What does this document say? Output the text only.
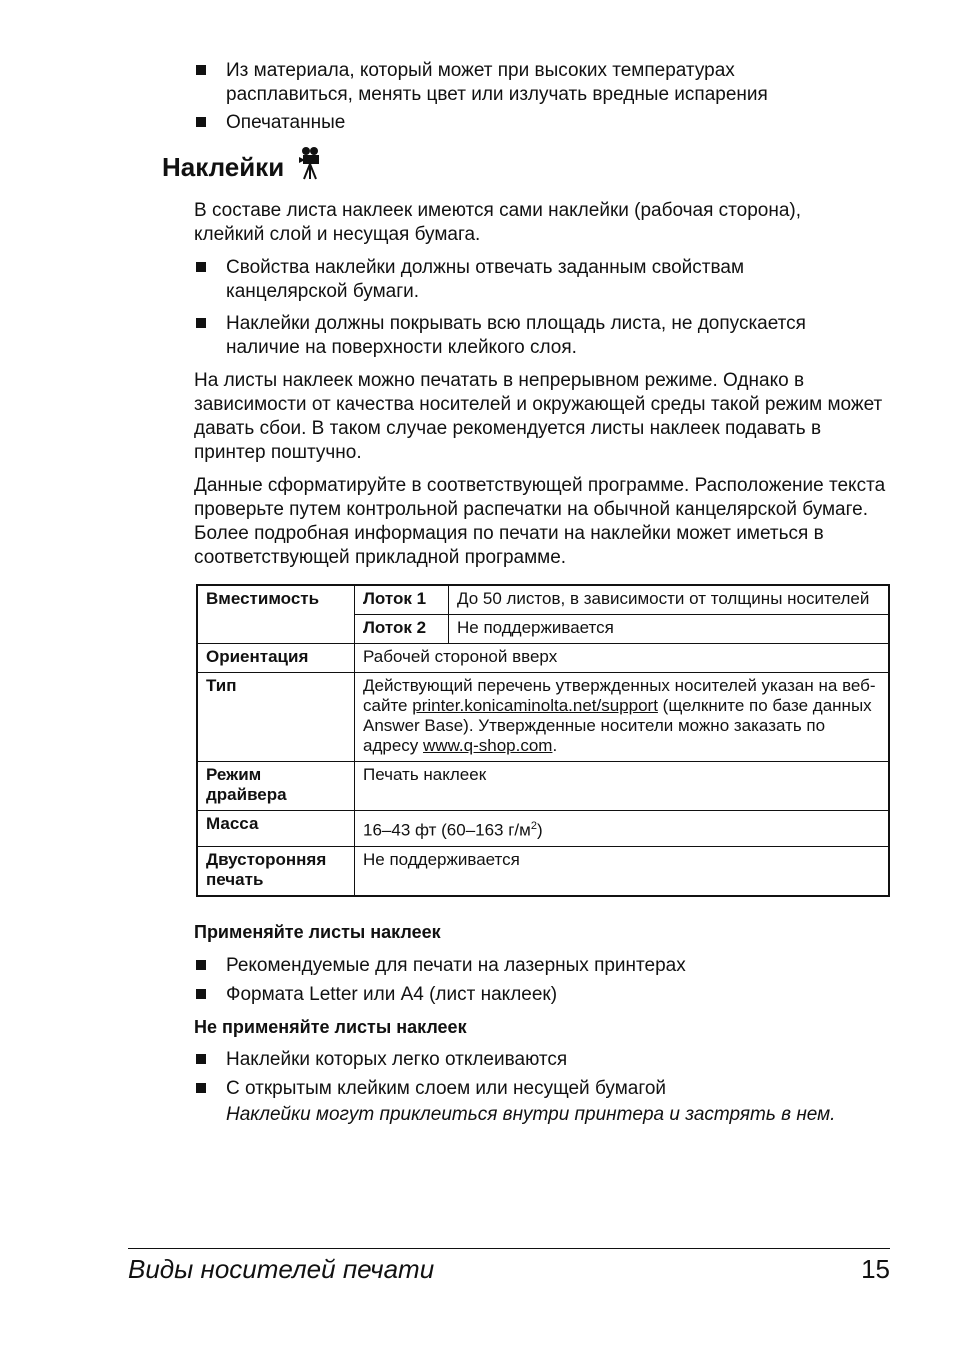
Из материала, который может при высоких температурах расплавиться, менять цвет или излучать вредные испарения
Опечатанные
Наклейки
В составе листа наклеек имеются сами наклейки (рабочая сторона), клейкий слой и несущая бумага.
Свойства наклейки должны отвечать заданным свойствам канцелярской бумаги.
Наклейки должны покрывать всю площадь листа, не допускается наличие на поверхности клейкого слоя.
На листы наклеек можно печатать в непрерывном режиме. Однако в зависимости от качества носителей и окружающей среды такой режим может давать сбои. В таком случае рекомендуется листы наклеек подавать в принтер поштучно.
Данные сформатируйте в соответствующей программе. Расположение текста проверьте путем контрольной распечатки на обычной канцелярской бумаге. Более подробная информация по печати на наклейки может иметься в соответствующей прикладной программе.
Вместимость	Лоток 1	До 50 листов, в зависимости от толщины носителей
	Лоток 2	Не поддерживается
Ориентация	Рабочей стороной вверх	
Тип	Действующий перечень утвержденных носителей указан на веб-сайте printer.konicaminolta.net/support (щелкните по базе данных Answer Base). Утвержденные носители можно заказать по адресу www.q-shop.com.	
Режим драйвера	Печать наклеек	
Масса	16–43 фт (60–163 $г/м^2$)	
Двусторонняя печать	Не поддерживается	
Применяйте листы наклеек
Рекомендуемые для печати на лазерных принтерах
Формата Letter или A4 (лист наклеек)
Не применяйте листы наклеек
Наклейки которых легко отклеиваются
С открытым клейким слоем или несущей бумагой
Наклейки могут приклеиться внутри принтера и застрять в нем.
Виды носителей печати	15
